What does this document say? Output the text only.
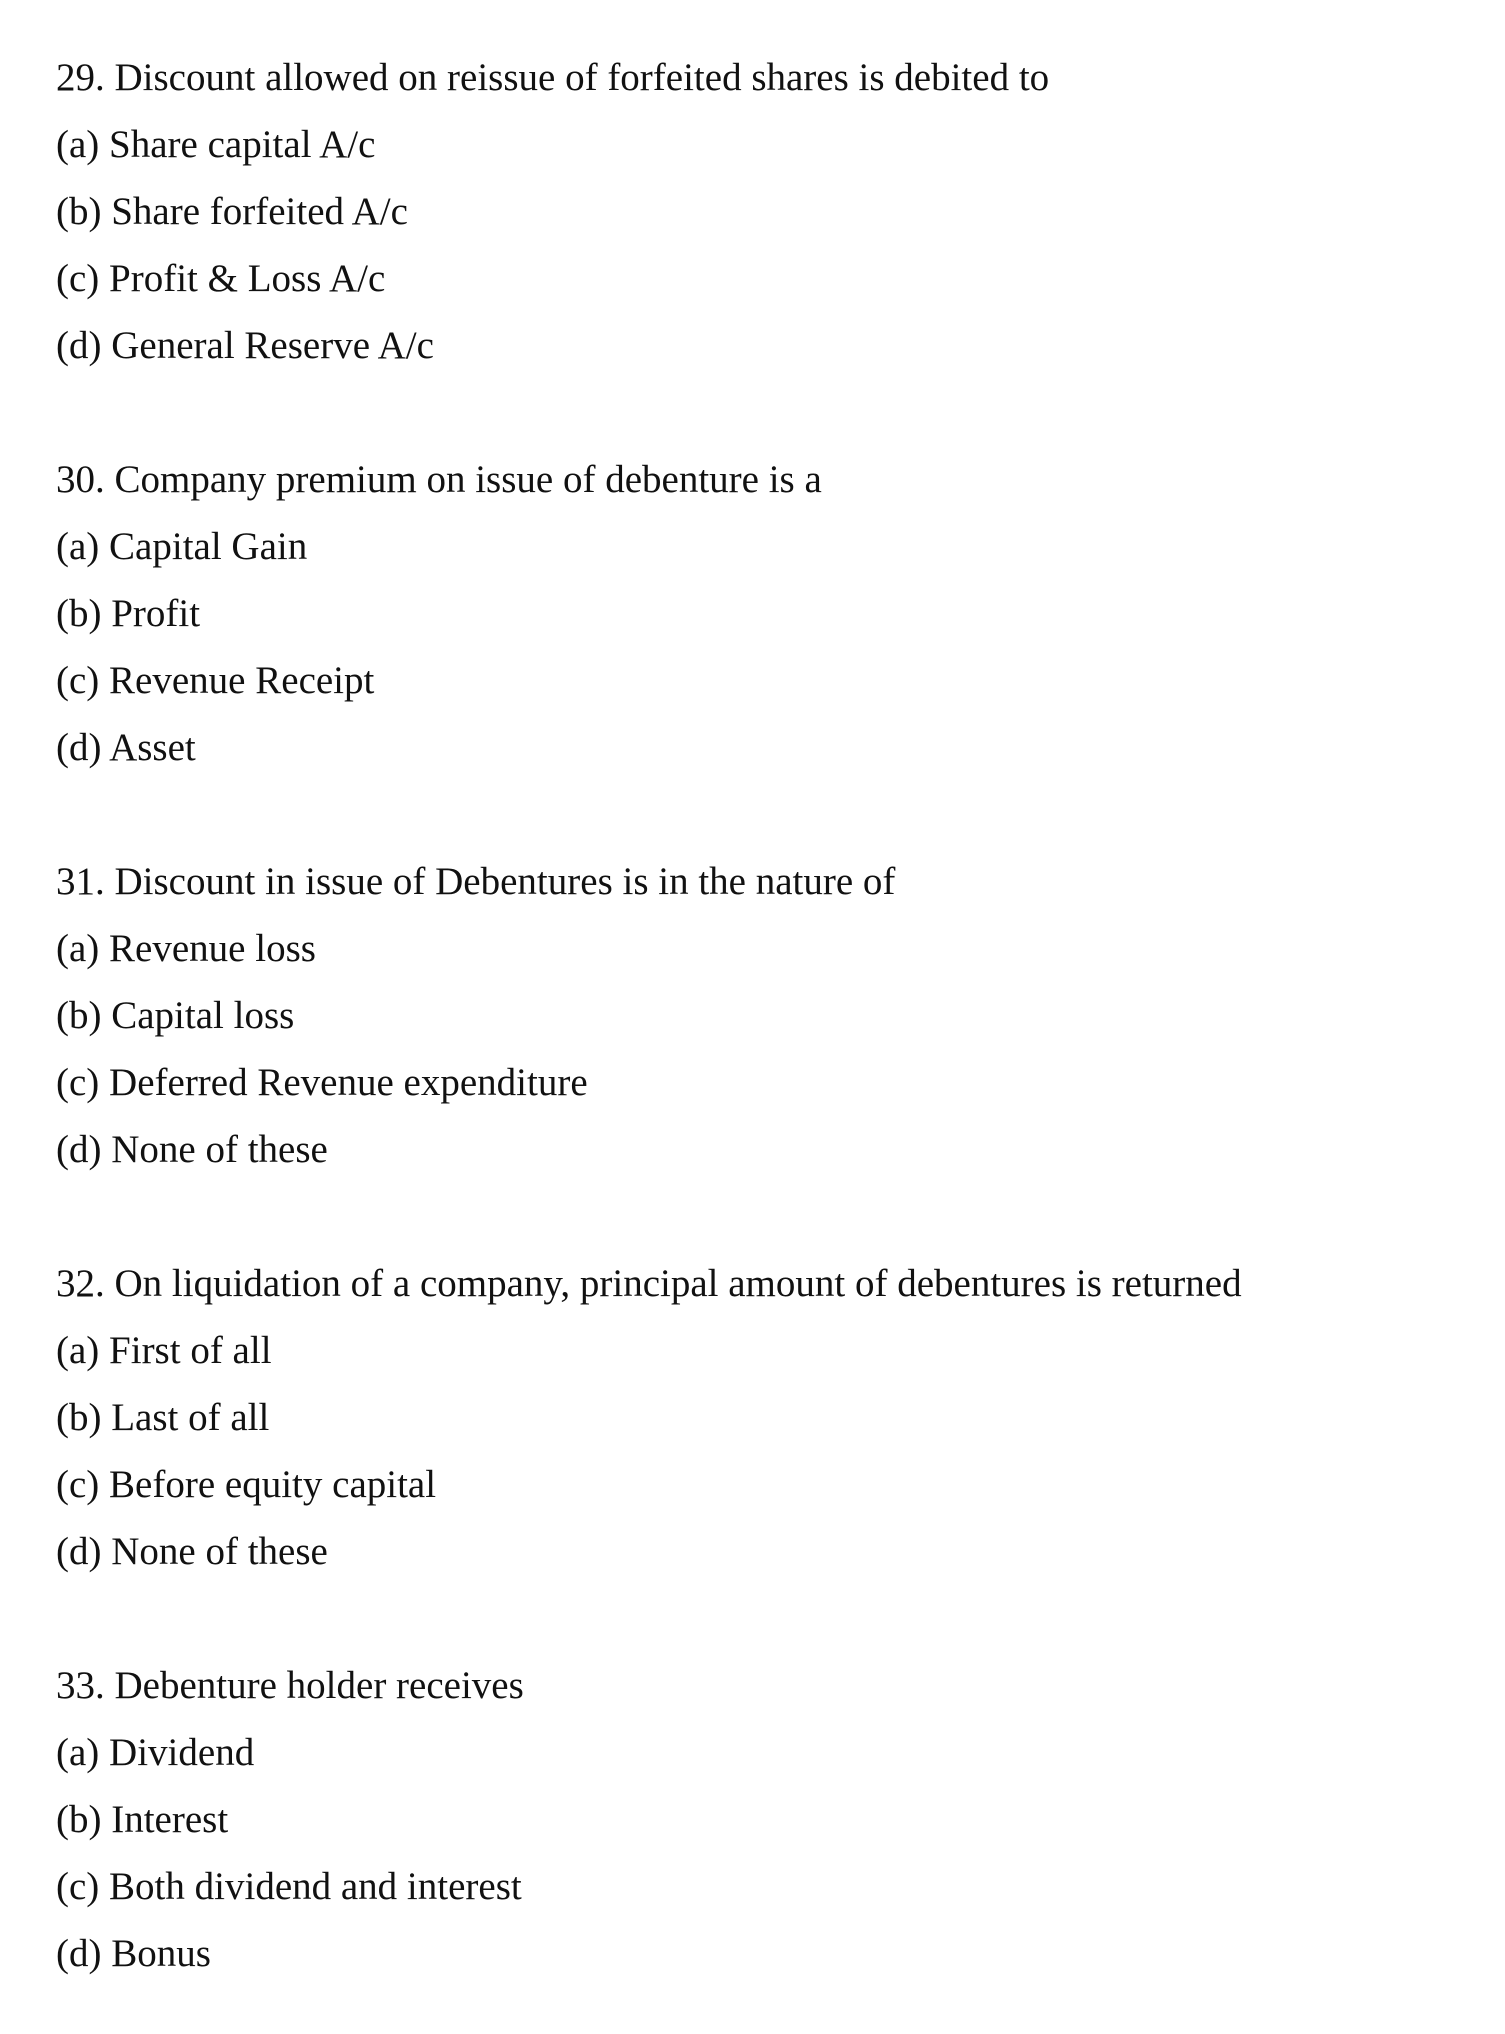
29. Discount allowed on reissue of forfeited shares is debited to
(a) Share capital A/c
(b) Share forfeited A/c
(c) Profit & Loss A/c
(d) General Reserve A/c
30. Company premium on issue of debenture is a
(a) Capital Gain
(b) Profit
(c) Revenue Receipt
(d) Asset
31. Discount in issue of Debentures is in the nature of
(a) Revenue loss
(b) Capital loss
(c) Deferred Revenue expenditure
(d) None of these
32. On liquidation of a company, principal amount of debentures is returned
(a) First of all
(b) Last of all
(c) Before equity capital
(d) None of these
33. Debenture holder receives
(a) Dividend
(b) Interest
(c) Both dividend and interest
(d) Bonus
